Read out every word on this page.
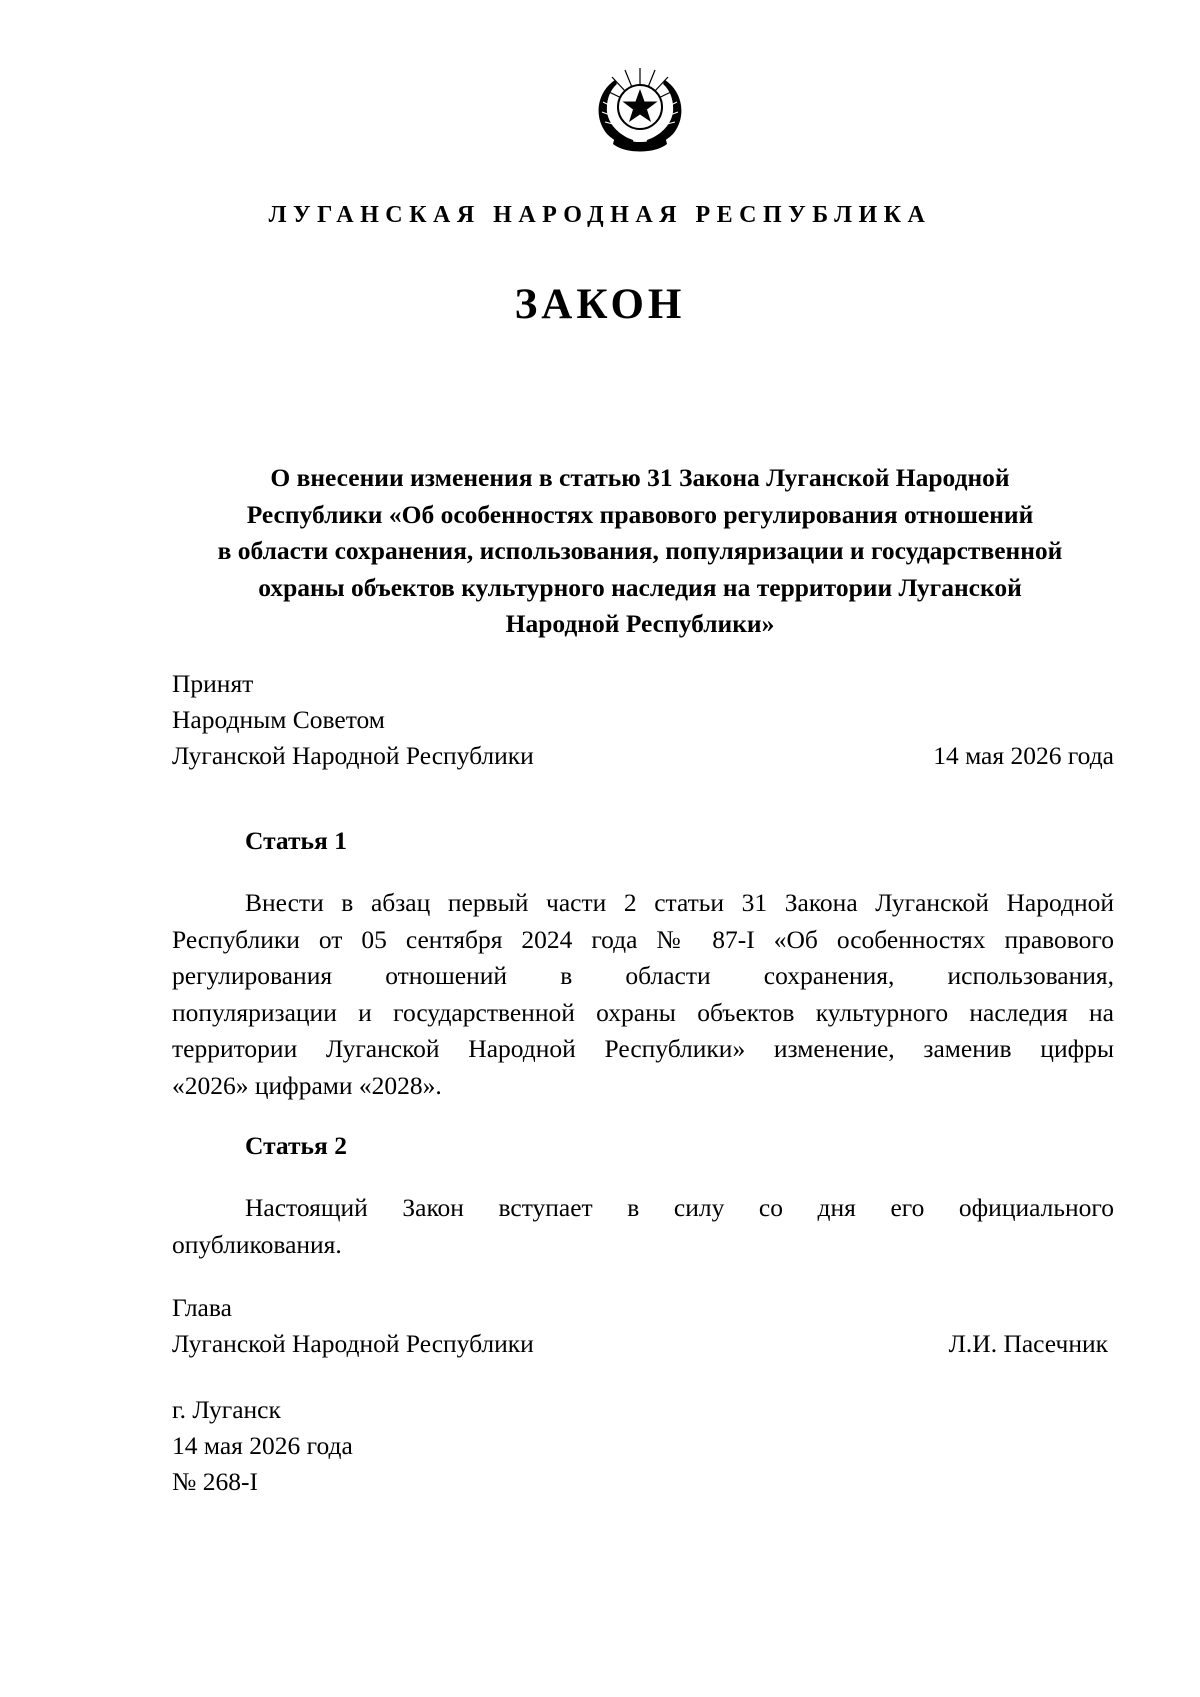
ЛУГАНСКАЯ НАРОДНАЯ РЕСПУБЛИКА
ЗАКОН
О внесении изменения в статью 31 Закона Луганской Народной
Республики «Об особенностях правового регулирования отношений
в области сохранения, использования, популяризации и государственной
охраны объектов культурного наследия на территории Луганской
Народной Республики»
Принят
Народным Советом
Луганской Народной Республики	14 мая 2026 года
Статья 1
Внести в абзац первый части 2 статьи 31 Закона Луганской Народной
Республики от 05 сентября 2024 года № 87-I «Об особенностях правового
регулирования отношений в области сохранения, использования,
популяризации и государственной охраны объектов культурного наследия на
территории Луганской Народной Республики» изменение, заменив цифры
«2026» цифрами «2028».
Статья 2
Настоящий Закон вступает в силу со дня его официального
опубликования.
Глава
Луганской Народной Республики	Л.И. Пасечник
г. Луганск
14 мая 2026 года
№ 268-I
